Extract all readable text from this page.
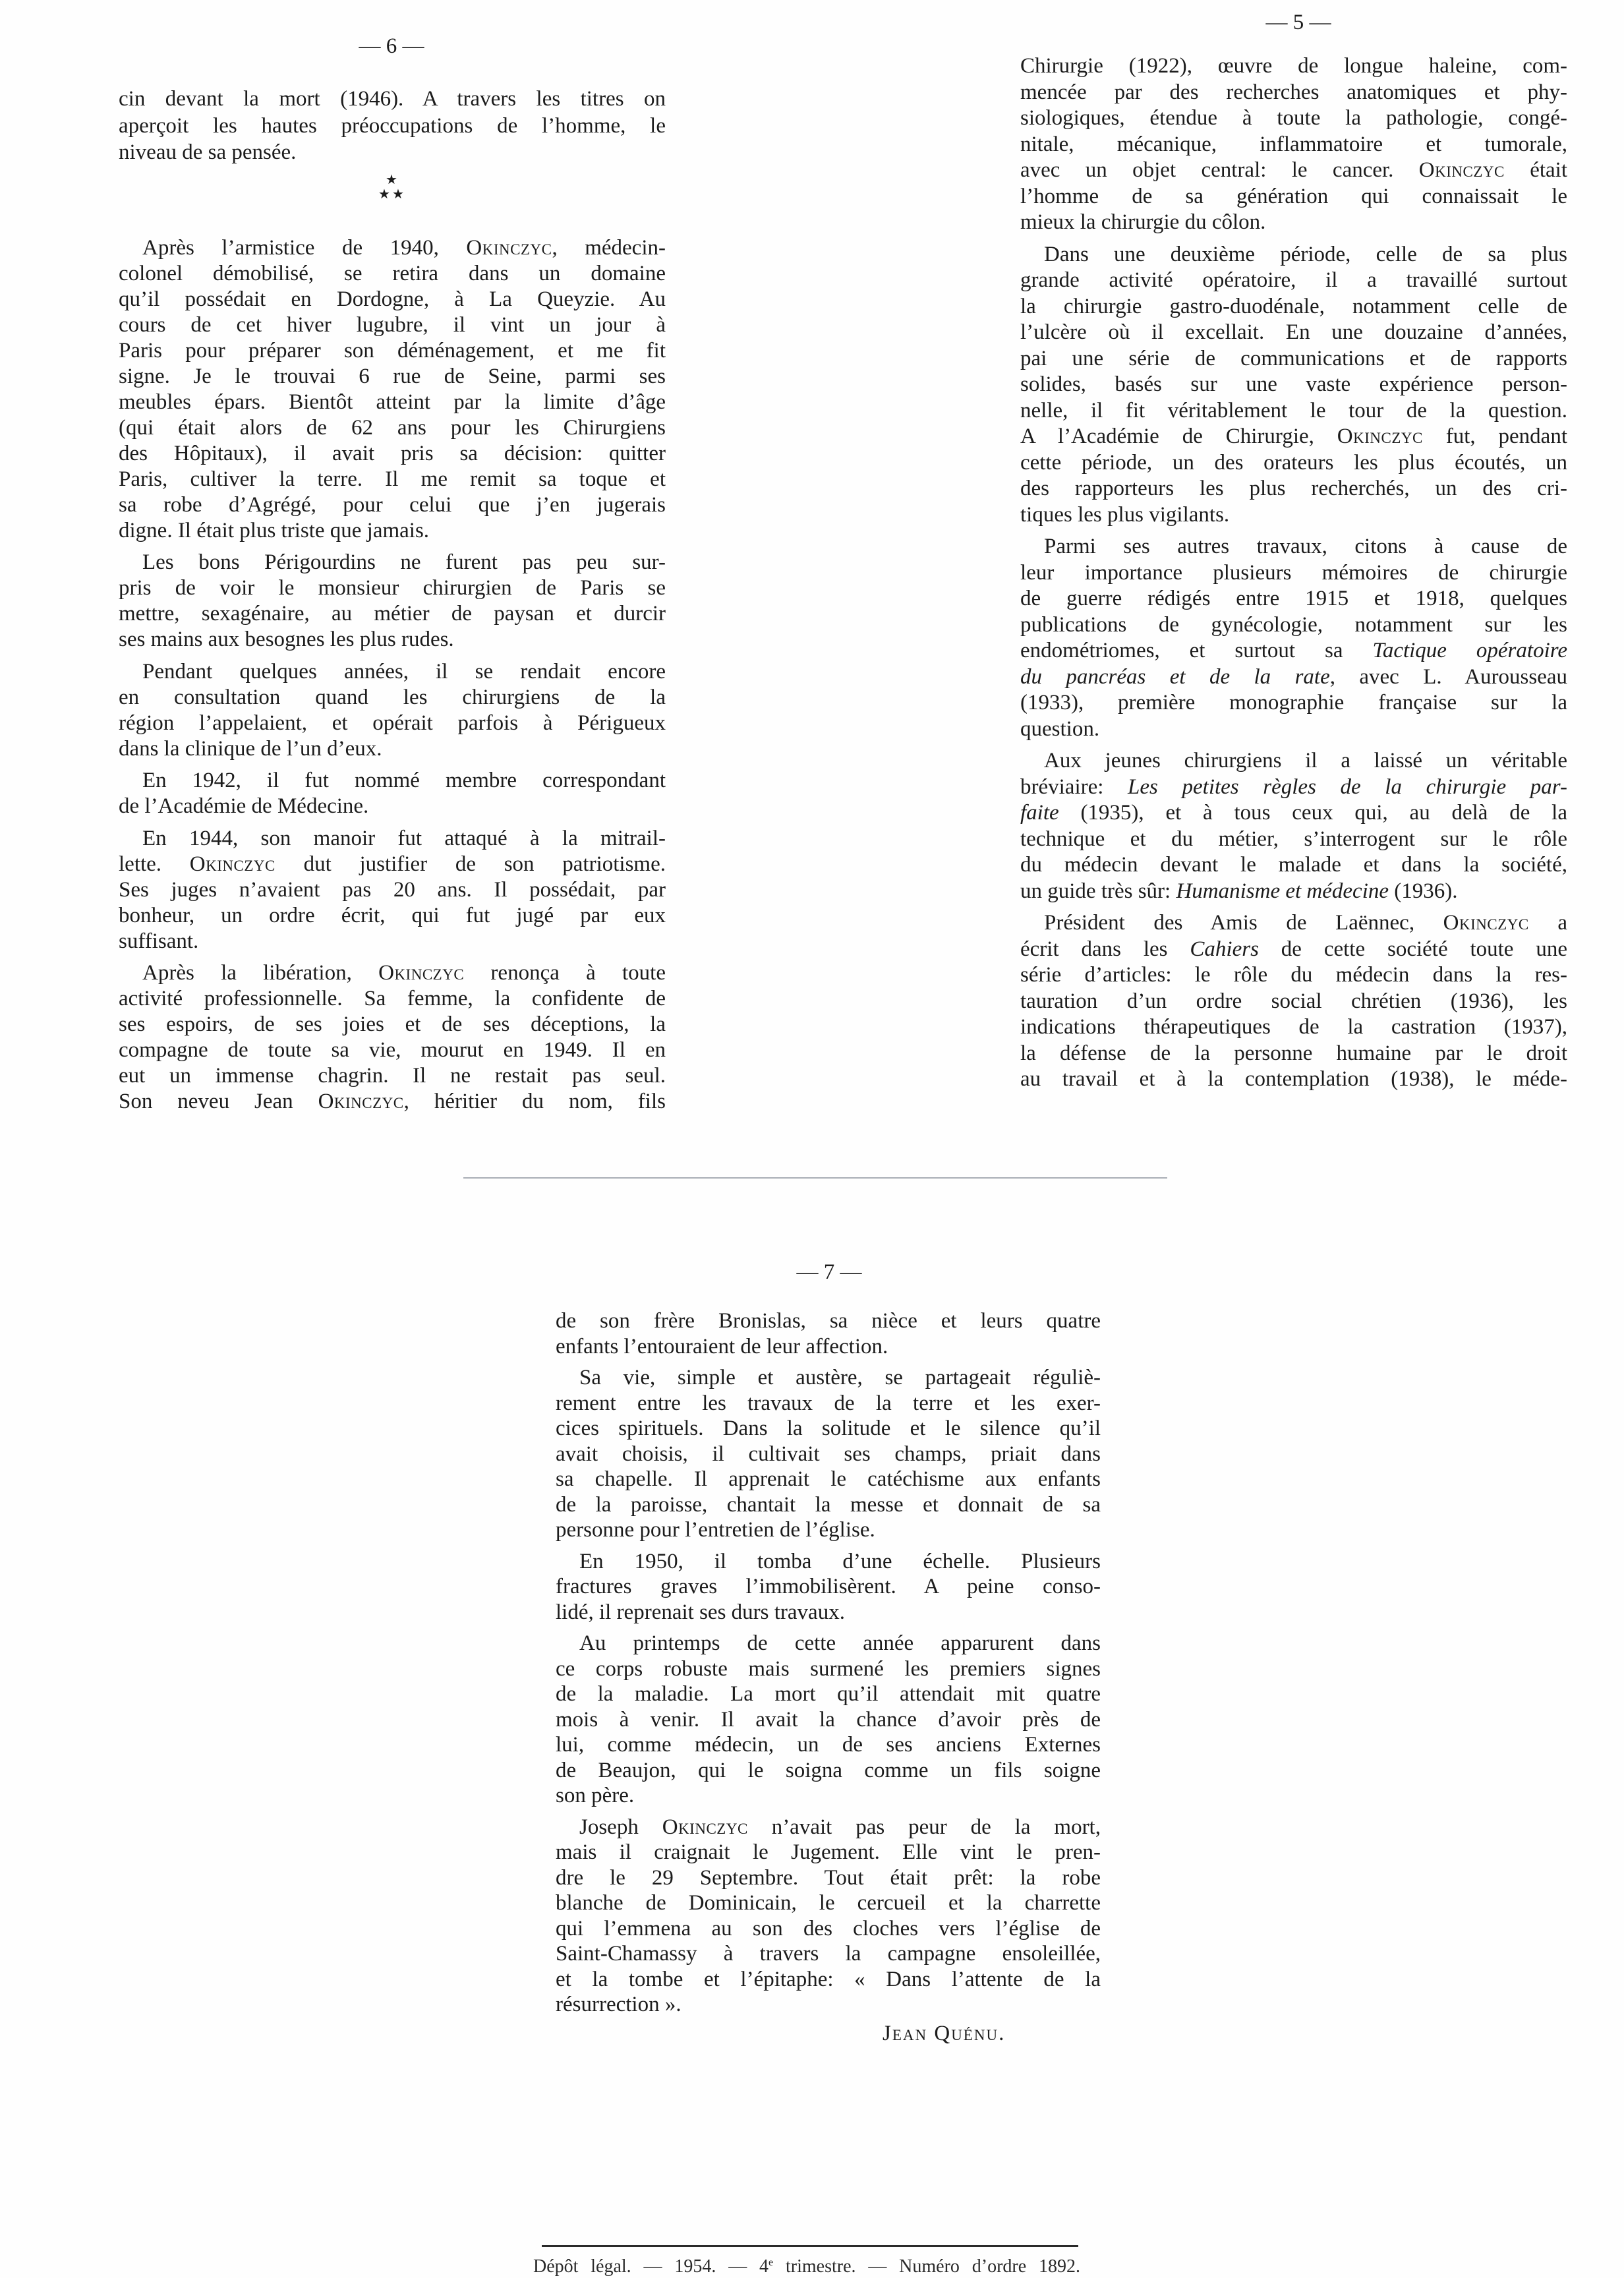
— 6 —
cin devant la mort (1946). A travers les titres on
aperçoit les hautes préoccupations de l’homme, le
niveau de sa pensée.
★
★ ★
Après l’armistice de 1940, Okinczyc, médecin-
colonel démobilisé, se retira dans un domaine
qu’il possédait en Dordogne, à La Queyzie. Au
cours de cet hiver lugubre, il vint un jour à
Paris pour préparer son déménagement, et me fit
signe. Je le trouvai 6 rue de Seine, parmi ses
meubles épars. Bientôt atteint par la limite d’âge
(qui était alors de 62 ans pour les Chirurgiens
des Hôpitaux), il avait pris sa décision: quitter
Paris, cultiver la terre. Il me remit sa toque et
sa robe d’Agrégé, pour celui que j’en jugerais
digne. Il était plus triste que jamais.
Les bons Périgourdins ne furent pas peu sur-
pris de voir le monsieur chirurgien de Paris se
mettre, sexagénaire, au métier de paysan et durcir
ses mains aux besognes les plus rudes.
Pendant quelques années, il se rendait encore
en consultation quand les chirurgiens de la
région l’appelaient, et opérait parfois à Périgueux
dans la clinique de l’un d’eux.
En 1942, il fut nommé membre correspondant
de l’Académie de Médecine.
En 1944, son manoir fut attaqué à la mitrail-
lette. Okinczyc dut justifier de son patriotisme.
Ses juges n’avaient pas 20 ans. Il possédait, par
bonheur, un ordre écrit, qui fut jugé par eux
suffisant.
Après la libération, Okinczyc renonça à toute
activité professionnelle. Sa femme, la confidente de
ses espoirs, de ses joies et de ses déceptions, la
compagne de toute sa vie, mourut en 1949. Il en
eut un immense chagrin. Il ne restait pas seul.
Son neveu Jean Okinczyc, héritier du nom, fils
— 5 —
Chirurgie (1922), œuvre de longue haleine, com-
mencée par des recherches anatomiques et phy-
siologiques, étendue à toute la pathologie, congé-
nitale, mécanique, inflammatoire et tumorale,
avec un objet central: le cancer. Okinczyc était
l’homme de sa génération qui connaissait le
mieux la chirurgie du côlon.
Dans une deuxième période, celle de sa plus
grande activité opératoire, il a travaillé surtout
la chirurgie gastro-duodénale, notamment celle de
l’ulcère où il excellait. En une douzaine d’années,
pai une série de communications et de rapports
solides, basés sur une vaste expérience person-
nelle, il fit véritablement le tour de la question.
A l’Académie de Chirurgie, Okinczyc fut, pendant
cette période, un des orateurs les plus écoutés, un
des rapporteurs les plus recherchés, un des cri-
tiques les plus vigilants.
Parmi ses autres travaux, citons à cause de
leur importance plusieurs mémoires de chirurgie
de guerre rédigés entre 1915 et 1918, quelques
publications de gynécologie, notamment sur les
endométriomes, et surtout sa Tactique opératoire
du pancréas et de la rate, avec L. Aurousseau
(1933), première monographie française sur la
question.
Aux jeunes chirurgiens il a laissé un véritable
bréviaire: Les petites règles de la chirurgie par-
faite (1935), et à tous ceux qui, au delà de la
technique et du métier, s’interrogent sur le rôle
du médecin devant le malade et dans la société,
un guide très sûr: Humanisme et médecine (1936).
Président des Amis de Laënnec, Okinczyc a
écrit dans les Cahiers de cette société toute une
série d’articles: le rôle du médecin dans la res-
tauration d’un ordre social chrétien (1936), les
indications thérapeutiques de la castration (1937),
la défense de la personne humaine par le droit
au travail et à la contemplation (1938), le méde-
— 7 —
de son frère Bronislas, sa nièce et leurs quatre
enfants l’entouraient de leur affection.
Sa vie, simple et austère, se partageait réguliè-
rement entre les travaux de la terre et les exer-
cices spirituels. Dans la solitude et le silence qu’il
avait choisis, il cultivait ses champs, priait dans
sa chapelle. Il apprenait le catéchisme aux enfants
de la paroisse, chantait la messe et donnait de sa
personne pour l’entretien de l’église.
En 1950, il tomba d’une échelle. Plusieurs
fractures graves l’immobilisèrent. A peine conso-
lidé, il reprenait ses durs travaux.
Au printemps de cette année apparurent dans
ce corps robuste mais surmené les premiers signes
de la maladie. La mort qu’il attendait mit quatre
mois à venir. Il avait la chance d’avoir près de
lui, comme médecin, un de ses anciens Externes
de Beaujon, qui le soigna comme un fils soigne
son père.
Joseph Okinczyc n’avait pas peur de la mort,
mais il craignait le Jugement. Elle vint le pren-
dre le 29 Septembre. Tout était prêt: la robe
blanche de Dominicain, le cercueil et la charrette
qui l’emmena au son des cloches vers l’église de
Saint-Chamassy à travers la campagne ensoleillée,
et la tombe et l’épitaphe: « Dans l’attente de la
résurrection ».
Jean Quénu.
Dépôt légal. — 1954. — 4e trimestre. — Numéro d’ordre 1892.
